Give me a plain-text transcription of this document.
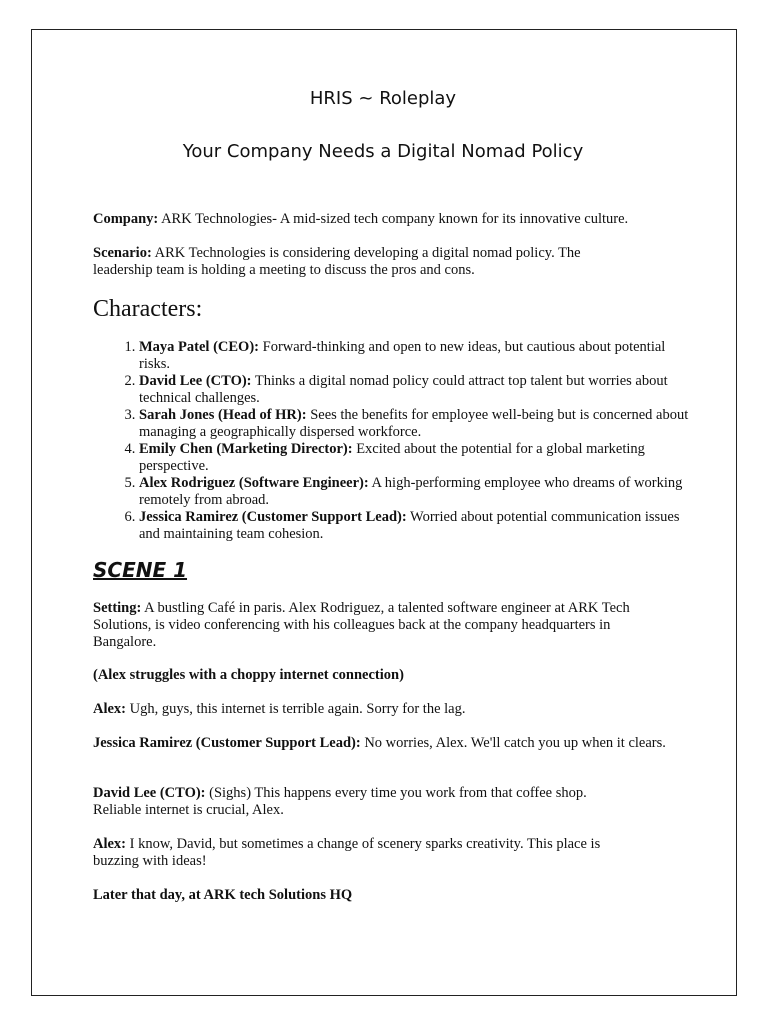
HRIS ~ Roleplay
Your Company Needs a Digital Nomad Policy
Company: ARK Technologies- A mid-sized tech company known for its innovative culture.
Scenario: ARK Technologies is considering developing a digital nomad policy. The leadership team is holding a meeting to discuss the pros and cons.
Characters:
1. Maya Patel (CEO): Forward-thinking and open to new ideas, but cautious about potential risks.
2. David Lee (CTO): Thinks a digital nomad policy could attract top talent but worries about technical challenges.
3. Sarah Jones (Head of HR): Sees the benefits for employee well-being but is concerned about managing a geographically dispersed workforce.
4. Emily Chen (Marketing Director): Excited about the potential for a global marketing perspective.
5. Alex Rodriguez (Software Engineer): A high-performing employee who dreams of working remotely from abroad.
6. Jessica Ramirez (Customer Support Lead): Worried about potential communication issues and maintaining team cohesion.
SCENE 1
Setting: A bustling Café in paris. Alex Rodriguez, a talented software engineer at ARK Tech Solutions, is video conferencing with his colleagues back at the company headquarters in Bangalore.
(Alex struggles with a choppy internet connection)
Alex: Ugh, guys, this internet is terrible again. Sorry for the lag.
Jessica Ramirez (Customer Support Lead): No worries, Alex. We'll catch you up when it clears.
David Lee (CTO): (Sighs) This happens every time you work from that coffee shop. Reliable internet is crucial, Alex.
Alex: I know, David, but sometimes a change of scenery sparks creativity. This place is buzzing with ideas!
Later that day, at ARK tech Solutions HQ
